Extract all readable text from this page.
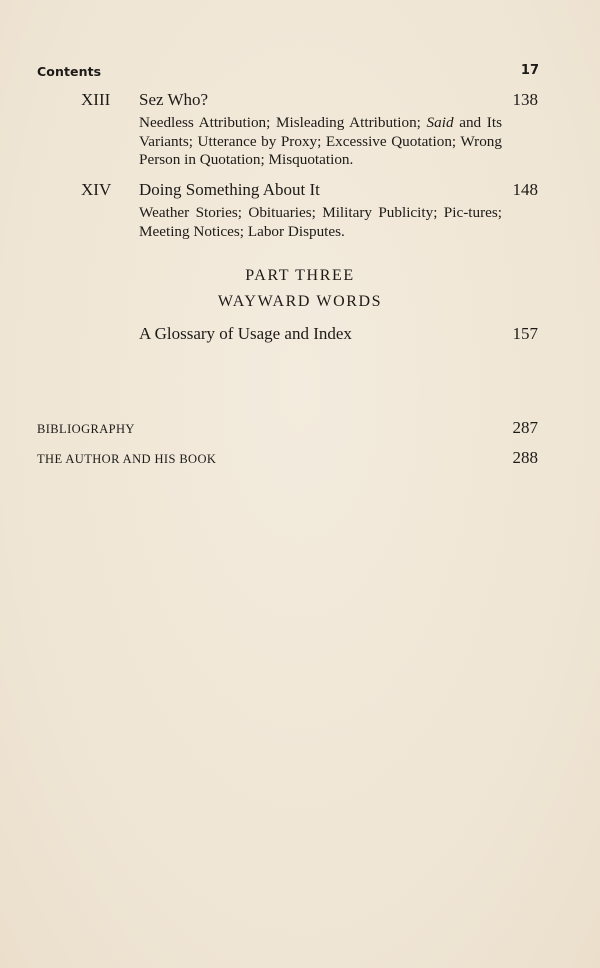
Contents	17
XIII Sez Who?	138
Needless Attribution; Misleading Attribution; Said and Its Variants; Utterance by Proxy; Excessive Quotation; Wrong Person in Quotation; Misquotation.
XIV Doing Something About It	148
Weather Stories; Obituaries; Military Publicity; Pic-tures; Meeting Notices; Labor Disputes.
PART THREE
WAYWARD WORDS
A Glossary of Usage and Index	157
BIBLIOGRAPHY	287
THE AUTHOR AND HIS BOOK	288
